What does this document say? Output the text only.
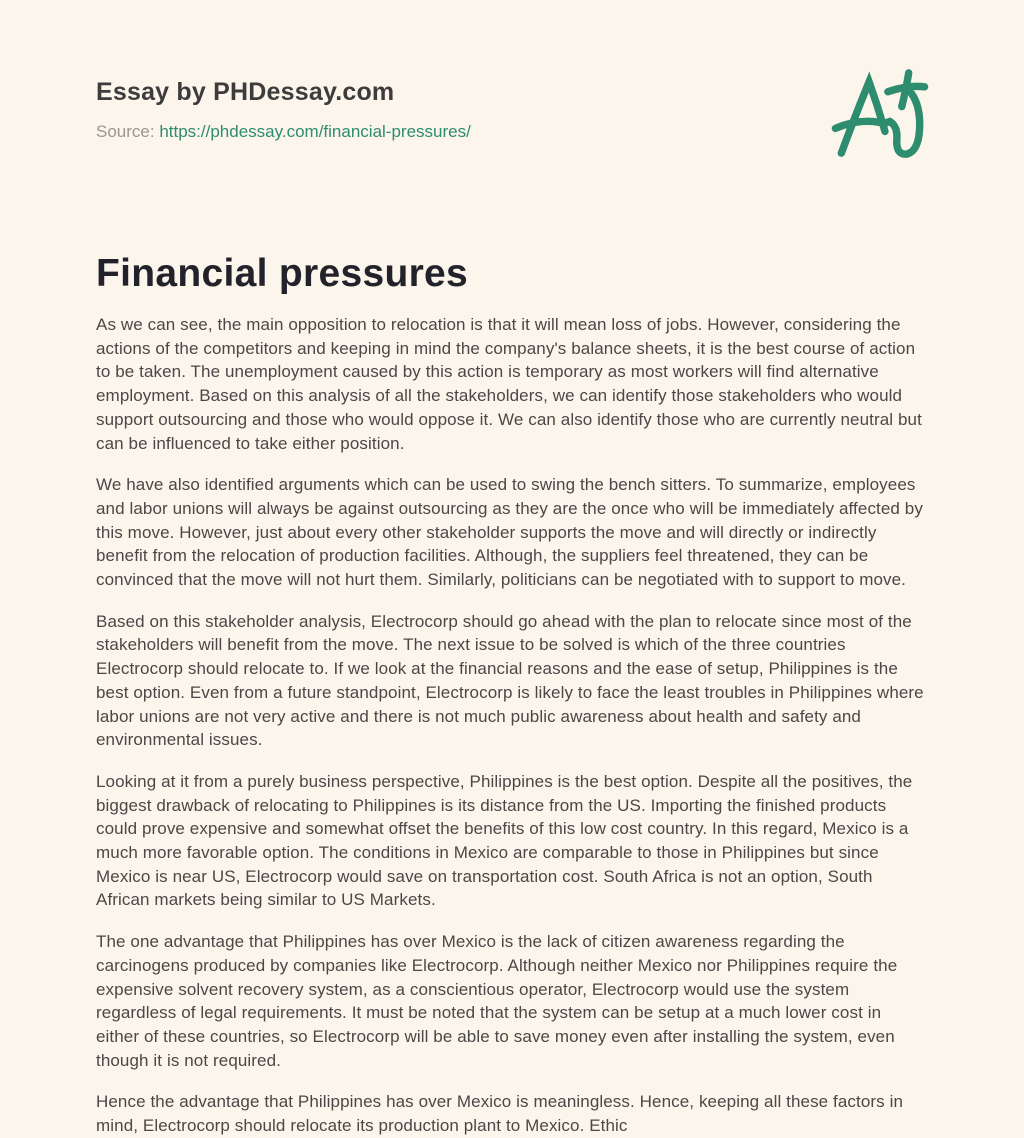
Essay by PHDessay.com
Source: https://phdessay.com/financial-pressures/
Financial pressures

As we can see, the main opposition to relocation is that it will mean loss of jobs. However, considering the actions of the competitors and keeping in mind the company's balance sheets, it is the best course of action to be taken. The unemployment caused by this action is temporary as most workers will find alternative employment. Based on this analysis of all the stakeholders, we can identify those stakeholders who would support outsourcing and those who would oppose it. We can also identify those who are currently neutral but can be influenced to take either position.

We have also identified arguments which can be used to swing the bench sitters. To summarize, employees and labor unions will always be against outsourcing as they are the once who will be immediately affected by this move. However, just about every other stakeholder supports the move and will directly or indirectly benefit from the relocation of production facilities. Although, the suppliers feel threatened, they can be convinced that the move will not hurt them. Similarly, politicians can be negotiated with to support to move.

Based on this stakeholder analysis, Electrocorp should go ahead with the plan to relocate since most of the stakeholders will benefit from the move. The next issue to be solved is which of the three countries Electrocorp should relocate to. If we look at the financial reasons and the ease of setup, Philippines is the best option. Even from a future standpoint, Electrocorp is likely to face the least troubles in Philippines where labor unions are not very active and there is not much public awareness about health and safety and environmental issues.

Looking at it from a purely business perspective, Philippines is the best option. Despite all the positives, the biggest drawback of relocating to Philippines is its distance from the US. Importing the finished products could prove expensive and somewhat offset the benefits of this low cost country. In this regard, Mexico is a much more favorable option. The conditions in Mexico are comparable to those in Philippines but since Mexico is near US, Electrocorp would save on transportation cost. South Africa is not an option, South African markets being similar to US Markets.

The one advantage that Philippines has over Mexico is the lack of citizen awareness regarding the carcinogens produced by companies like Electrocorp. Although neither Mexico nor Philippines require the expensive solvent recovery system, as a conscientious operator, Electrocorp would use the system regardless of legal requirements. It must be noted that the system can be setup at a much lower cost in either of these countries, so Electrocorp will be able to save money even after installing the system, even though it is not required.

Hence the advantage that Philippines has over Mexico is meaningless. Hence, keeping all these factors in mind, Electrocorp should relocate its production plant to Mexico. Ethic
